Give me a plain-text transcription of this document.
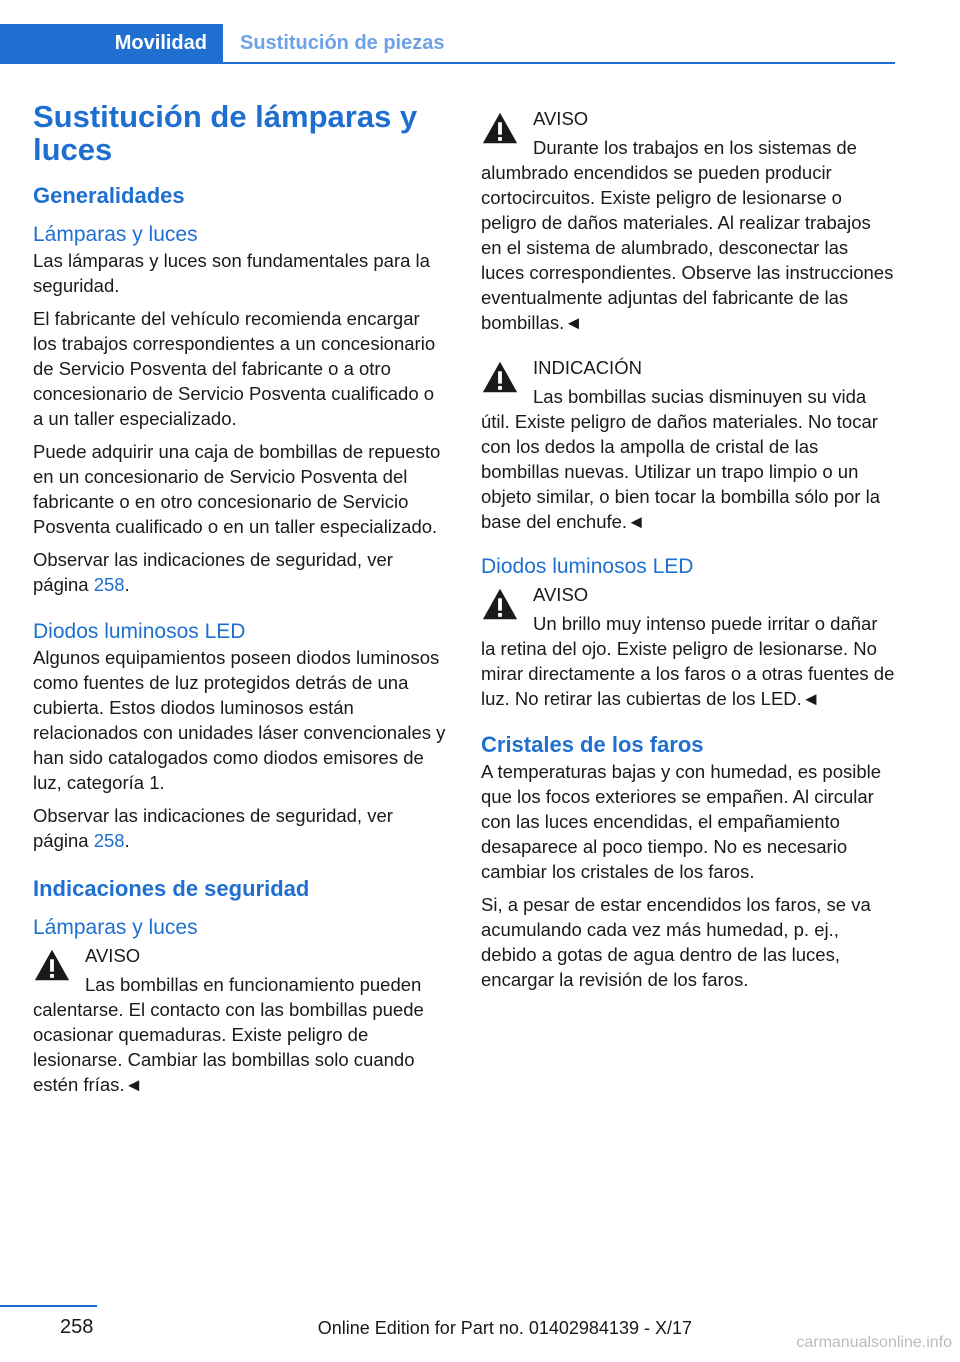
Movilidad	Sustitución de piezas
Sustitución de lámparas y luces
Generalidades
Lámparas y luces

Las lámparas y luces son fundamentales para la seguridad.

El fabricante del vehículo recomienda encargar los trabajos correspondientes a un concesionario de Servicio Posventa del fabricante o a otro concesionario de Servicio Posventa cualificado o a un taller especializado.

Puede adquirir una caja de bombillas de repuesto en un concesionario de Servicio Posventa del fabricante o en otro concesionario de Servicio Posventa cualificado o en un taller especializado.

Observar las indicaciones de seguridad, ver página 258.

Diodos luminosos LED

Algunos equipamientos poseen diodos luminosos como fuentes de luz protegidos detrás de una cubierta. Estos diodos luminosos están relacionados con unidades láser convencionales y han sido catalogados como diodos emisores de luz, categoría 1.

Observar las indicaciones de seguridad, ver página 258.

Indicaciones de seguridad
Lámparas y luces
AVISO
Las bombillas en funcionamiento pueden calentarse. El contacto con las bombillas puede ocasionar quemaduras. Existe peligro de lesionarse. Cambiar las bombillas solo cuando estén frías.◄
AVISO
Durante los trabajos en los sistemas de alumbrado encendidos se pueden producir cortocircuitos. Existe peligro de lesionarse o peligro de daños materiales. Al realizar trabajos en el sistema de alumbrado, desconectar las luces correspondientes. Observe las instrucciones eventualmente adjuntas del fabricante de las bombillas.◄
INDICACIÓN
Las bombillas sucias disminuyen su vida útil. Existe peligro de daños materiales. No tocar con los dedos la ampolla de cristal de las bombillas nuevas. Utilizar un trapo limpio o un objeto similar, o bien tocar la bombilla sólo por la base del enchufe.◄
Diodos luminosos LED
AVISO
Un brillo muy intenso puede irritar o dañar la retina del ojo. Existe peligro de lesionarse. No mirar directamente a los faros o a otras fuentes de luz. No retirar las cubiertas de los LED.◄
Cristales de los faros

A temperaturas bajas y con humedad, es posible que los focos exteriores se empañen. Al circular con las luces encendidas, el empañamiento desaparece al poco tiempo. No es necesario cambiar los cristales de los faros.

Si, a pesar de estar encendidos los faros, se va acumulando cada vez más humedad, p. ej., debido a gotas de agua dentro de las luces, encargar la revisión de los faros.

258	Online Edition for Part no. 01402984139 - X/17
carmanualsonline.info
